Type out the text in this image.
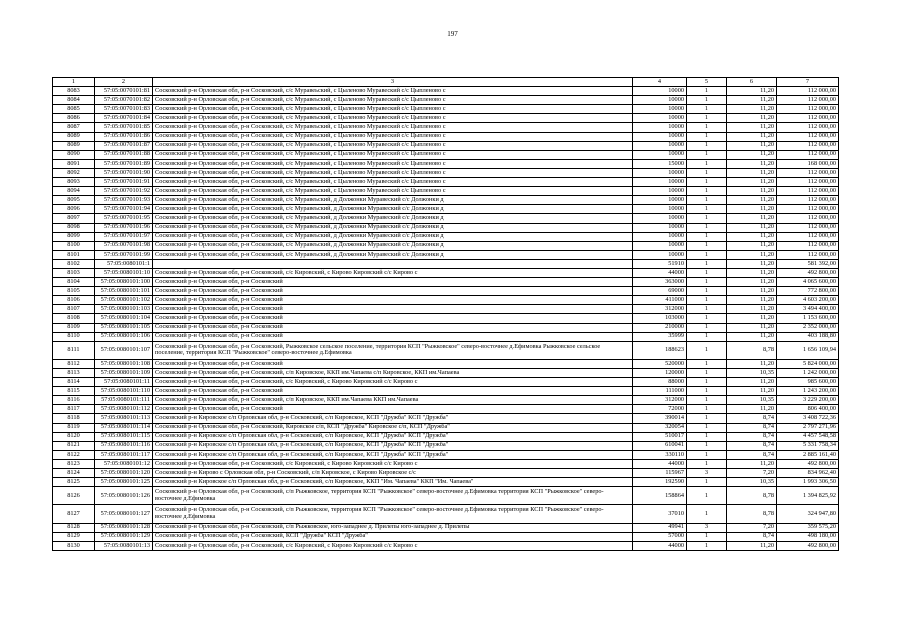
197
1	2	3	4	5	6	7
8083	57:05:0070101:81	Сосковский р-н Орловская обл, р-н Сосковский, с/с Муравеьский, с Цыленово Муравеский с/с Цыпленово с	10000	1	11,20	112 000,00
8084	57:05:0070101:82	Сосковский р-н Орловская обл, р-н Сосковский, с/с Муравеьский, с Цыленово Муравеский с/с Цыпленово с	10000	1	11,20	112 000,00
8085	57:05:0070101:83	Сосковский р-н Орловская обл, р-н Сосковский, с/с Муравеьский, с Цыленово Муравеский с/с Цыпленово с	10000	1	11,20	112 000,00
8086	57:05:0070101:84	Сосковский р-н Орловская обл, р-н Сосковский, с/с Муравеьский, с Цыленово Муравеский с/с Цыпленово с	10000	1	11,20	112 000,00
8087	57:05:0070101:85	Сосковский р-н Орловская обл, р-н Сосковский, с/с Муравеьский, с Цыленово Муравеский с/с Цыпленово с	10000	1	11,20	112 000,00
8089	57:05:0070101:86	Сосковский р-н Орловская обл, р-н Сосковский, с/с Муравеьский, с Цыленово Муравеский с/с Цыпленово с	10000	1	11,20	112 000,00
8089	57:05:0070101:87	Сосковский р-н Орловская обл, р-н Сосковский, с/с Муравеьский, с Цыленово Муравеский с/с Цыпленово с	10000	1	11,20	112 000,00
8090	57:05:0070101:88	Сосковский р-н Орловская обл, р-н Сосковский, с/с Муравеьский, с Цыленово Муравеский с/с Цыпленово с	10000	1	11,20	112 000,00
8091	57:05:0070101:89	Сосковский р-н Орловская обл, р-н Сосковский, с/с Муравеьский, с Цыленово Муравеский с/с Цыпленово с	15000	1	11,20	168 000,00
8092	57:05:0070101:90	Сосковский р-н Орловская обл, р-н Сосковский, с/с Муравеьский, с Цыленово Муравеский с/с Цыпленово с	10000	1	11,20	112 000,00
8093	57:05:0070101:91	Сосковский р-н Орловская обл, р-н Сосковский, с/с Муравеьский, с Цыленово Муравеский с/с Цыпленово с	10000	1	11,20	112 000,00
8094	57:05:0070101:92	Сосковский р-н Орловская обл, р-н Сосковский, с/с Муравеьский, с Цыленово Муравеский с/с Цыпленово с	10000	1	11,20	112 000,00
8095	57:05:0070101:93	Сосковский р-н Орловская обл, р-н Сосковский, с/с Муравеьский, д Должонки Муравеский с/с Должонки д	10000	1	11,20	112 000,00
8096	57:05:0070101:94	Сосковский р-н Орловская обл, р-н Сосковский, с/с Муравеьский, д Должонки Муравеский с/с Должонки д	10000	1	11,20	112 000,00
8097	57:05:0070101:95	Сосковский р-н Орловская обл, р-н Сосковский, с/с Муравеьский, д Должонки Муравеский с/с Должонки д	10000	1	11,20	112 000,00
8098	57:05:0070101:96	Сосковский р-н Орловская обл, р-н Сосковский, с/с Муравеьский, д Должонки Муравеский с/с Должонки д	10000	1	11,20	112 000,00
8099	57:05:0070101:97	Сосковский р-н Орловская обл, р-н Сосковский, с/с Муравеьский, д Должонки Муравеский с/с Должонки д	10000	1	11,20	112 000,00
8100	57:05:0070101:98	Сосковский р-н Орловская обл, р-н Сосковский, с/с Муравеьский, д Должонки Муравеский с/с Должонки д	10000	1	11,20	112 000,00
8101	57:05:0070101:99	Сосковский р-н Орловская обл, р-н Сосковский, с/с Муравеьский, д Должонки Муравеский с/с Должонки д	10000	1	11,20	112 000,00
8102	57:05:0080101:1		51910	1	11,20	581 392,00
8103	57:05:0080101:10	Сосковский р-н Орловская обл, р-н Сосковский, с/с Кировский, с Кирово Кировский с/с Кирово с	44000	1	11,20	492 800,00
8104	57:05:0080101:100	Сосковский р-н Орловская обл, р-н Сосковский	363000	1	11,20	4 065 600,00
8105	57:05:0080101:101	Сосковский р-н Орловская обл, р-н Сосковский	69000	1	11,20	772 800,00
8106	57:05:0080101:102	Сосковский р-н Орловская обл, р-н Сосковский	411000	1	11,20	4 603 200,00
8107	57:05:0080101:103	Сосковский р-н Орловская обл, р-н Сосковский	312000	1	11,20	3 494 400,00
8108	57:05:0080101:104	Сосковский р-н Орловская обл, р-н Сосковский	103000	1	11,20	1 153 600,00
8109	57:05:0080101:105	Сосковский р-н Орловская обл, р-н Сосковский	210000	1	11,20	2 352 000,00
8110	57:05:0080101:106	Сосковский р-н Орловская обл, р-н Сосковский	35999	1	11,20	403 188,80
8111	57:05:0080101:107	Сосковский р-н Орловская обл, р-н Сосковский, Рыжковское сельское поселение, территория КСП "Рыжковское" северо-восточнее д.Ефимовка Рыжковское сельское поселение, территория КСП "Рыжковское" северо-восточнее д.Ефимовка	188623	1	8,78	1 656 109,94
8112	57:05:0080101:108	Сосковский р-н Орловская обл, р-н Сосковский	520000	1	11,20	5 824 000,00
8113	57:05:0080101:109	Сосковский р-н Орловская обл, р-н Сосковский, с/п Кировское, ККП им.Чапаева с/п Кировское, ККП им.Чапаева	120000	1	10,35	1 242 000,00
8114	57:05:0080101:11	Сосковский р-н Орловская обл, р-н Сосковский, с/с Кировский, с Кирово Кировский с/с Кирово с	88000	1	11,20	985 600,00
8115	57:05:0080101:110	Сосковский р-н Орловская обл, р-н Сосковский	111000	1	11,20	1 243 200,00
8116	57:05:0080101:111	Сосковский р-н Орловская обл, р-н Сосковский, с/п Кировское, ККП им.Чапаева ККП им.Чапаева	312000	1	10,35	3 229 200,00
8117	57:05:0080101:112	Сосковский р-н Орловская обл, р-н Сосковский	72000	1	11,20	806 400,00
8118	57:05:0080101:113	Сосковский р-н Кировское с/п Орловская обл, р-н Сосковский, с/п Кировское, КСП "Дружба" КСП "Дружба"	390014	1	8,74	3 408 722,36
8119	57:05:0080101:114	Сосковский р-н Орловская обл, р-н Сосковский, Кировское с/п, КСП "Дружба" Кировское с/п, КСП "Дружба"	320054	1	8,74	2 797 271,96
8120	57:05:0080101:115	Сосковский р-н Кировское с/п Орловская обл, р-н Сосковский, с/п Кировское, КСП "Дружба" КСП "Дружба"	510017	1	8,74	4 457 548,58
8121	57:05:0080101:116	Сосковский р-н Кировское с/п Орловская обл, р-н Сосковский, с/п Кировское, КСП "Дружба" КСП "Дружба"	610041	1	8,74	5 331 758,34
8122	57:05:0080101:117	Сосковский р-н Кировское с/п Орловская обл, р-н Сосковский, с/п Кировское, КСП "Дружба" КСП "Дружба"	330110	1	8,74	2 885 161,40
8123	57:05:0080101:12	Сосковский р-н Орловская обл, р-н Сосковский, с/с Кировский, с Кирово Кировский с/с Кирово с	44000	1	11,20	492 800,00
8124	57:05:0080101:120	Сосковский р-н Кирово с Орловская обл, р-н Сосковский, с/п Кировское, с Кирово Кировское с/с	115967	3	7,20	834 962,40
8125	57:05:0080101:125	Сосковский р-н Кировское с/п Орловская обл, р-н Сосковский, с/п Кировское, ККП "Им. Чапаева" ККП "Им. Чапаева"	192590	1	10,35	1 993 306,50
8126	57:05:0080101:126	Сосковский р-н Орловская обл, р-н Сосковский, с/п Рыжковское, территория КСП "Рыжковское" северо-восточнее д.Ефимовка территория КСП "Рыжковское" северо-восточнее д.Ефимовка	158864	1	8,78	1 394 825,92
8127	57:05:0080101:127	Сосковский р-н Орловская обл, р-н Сосковский, с/п Рыжковское, территория КСП "Рыжковское" северо-восточнее д.Ефимовка территория КСП "Рыжковское" северо-восточнее д.Ефимовка	37010	1	8,78	324 947,80
8128	57:05:0080101:128	Сосковский р-н Орловская обл, р-н Сосковский, с/п Рыжковское, юго-западнее д. Прилепы юго-западнее д. Прилепы	49941	3	7,20	359 575,20
8129	57:05:0080101:129	Сосковский р-н Орловская обл, р-н Сосковский, КСП "Дружба" КСП "Дружба"	57000	1	8,74	498 180,00
8130	57:05:0080101:13	Сосковский р-н Орловская обл, р-н Сосковский, с/с Кировский, с Кирово Кировский с/с Кирово с	44000	1	11,20	492 800,00
